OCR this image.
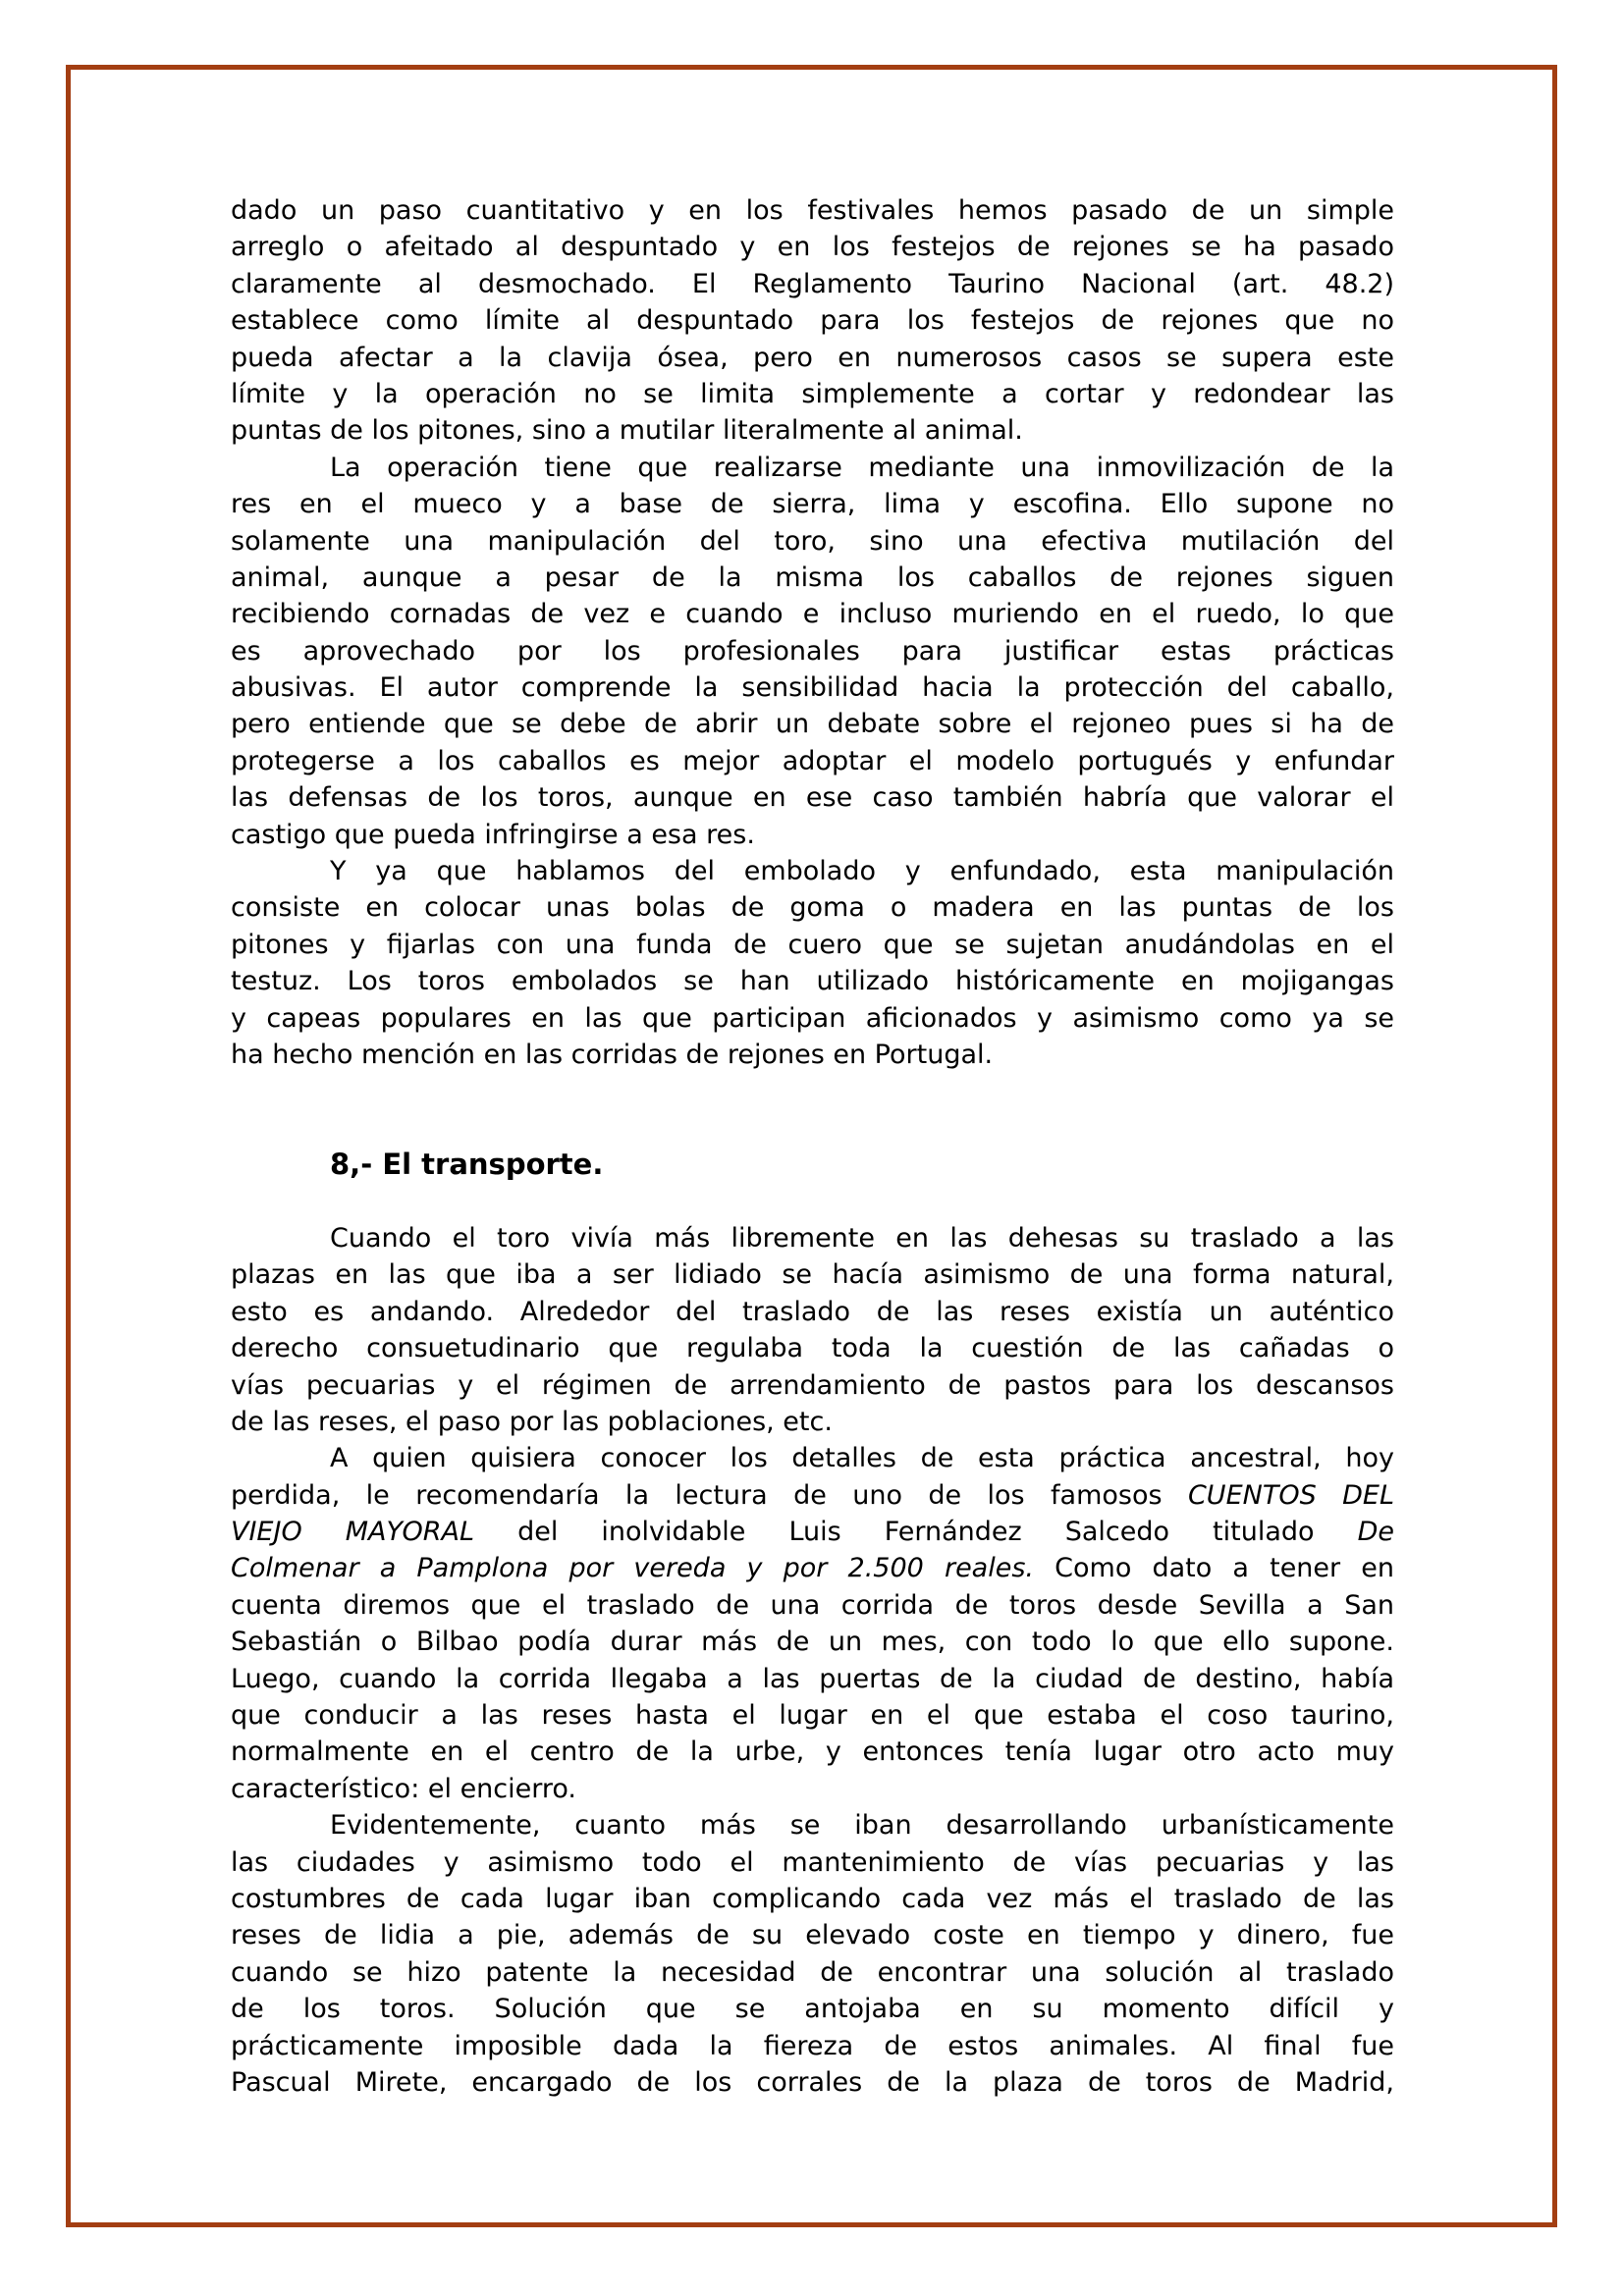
dado un paso cuantitativo y en los festivales hemos pasado de un simple
arreglo o afeitado al despuntado y en los festejos de rejones se ha pasado
claramente al desmochado. El Reglamento Taurino Nacional (art. 48.2)
establece como límite al despuntado para los festejos de rejones que no
pueda afectar a la clavija ósea, pero en numerosos casos se supera este
límite y la operación no se limita simplemente a cortar y redondear las
puntas de los pitones, sino a mutilar literalmente al animal.
La operación tiene que realizarse mediante una inmovilización de la
res en el mueco y a base de sierra, lima y escofina. Ello supone no
solamente una manipulación del toro, sino una efectiva mutilación del
animal, aunque a pesar de la misma los caballos de rejones siguen
recibiendo cornadas de vez e cuando e incluso muriendo en el ruedo, lo que
es aprovechado por los profesionales para justificar estas prácticas
abusivas. El autor comprende la sensibilidad hacia la protección del caballo,
pero entiende que se debe de abrir un debate sobre el rejoneo pues si ha de
protegerse a los caballos es mejor adoptar el modelo portugués y enfundar
las defensas de los toros, aunque en ese caso también habría que valorar el
castigo que pueda infringirse a esa res.
Y ya que hablamos del embolado y enfundado, esta manipulación
consiste en colocar unas bolas de goma o madera en las puntas de los
pitones y fijarlas con una funda de cuero que se sujetan anudándolas en el
testuz. Los toros embolados se han utilizado históricamente en mojigangas
y capeas populares en las que participan aficionados y asimismo como ya se
ha hecho mención en las corridas de rejones en Portugal.
8,- El transporte.
Cuando el toro vivía más libremente en las dehesas su traslado a las
plazas en las que iba a ser lidiado se hacía asimismo de una forma natural,
esto es andando. Alrededor del traslado de las reses existía un auténtico
derecho consuetudinario que regulaba toda la cuestión de las cañadas o
vías pecuarias y el régimen de arrendamiento de pastos para los descansos
de las reses, el paso por las poblaciones, etc.
A quien quisiera conocer los detalles de esta práctica ancestral, hoy
perdida, le recomendaría la lectura de uno de los famosos CUENTOS DEL
VIEJO MAYORAL del inolvidable Luis Fernández Salcedo titulado De
Colmenar a Pamplona por vereda y por 2.500 reales. Como dato a tener en
cuenta diremos que el traslado de una corrida de toros desde Sevilla a San
Sebastián o Bilbao podía durar más de un mes, con todo lo que ello supone.
Luego, cuando la corrida llegaba a las puertas de la ciudad de destino, había
que conducir a las reses hasta el lugar en el que estaba el coso taurino,
normalmente en el centro de la urbe, y entonces tenía lugar otro acto muy
característico: el encierro.
Evidentemente, cuanto más se iban desarrollando urbanísticamente
las ciudades y asimismo todo el mantenimiento de vías pecuarias y las
costumbres de cada lugar iban complicando cada vez más el traslado de las
reses de lidia a pie, además de su elevado coste en tiempo y dinero, fue
cuando se hizo patente la necesidad de encontrar una solución al traslado
de los toros. Solución que se antojaba en su momento difícil y
prácticamente imposible dada la fiereza de estos animales. Al final fue
Pascual Mirete, encargado de los corrales de la plaza de toros de Madrid,
